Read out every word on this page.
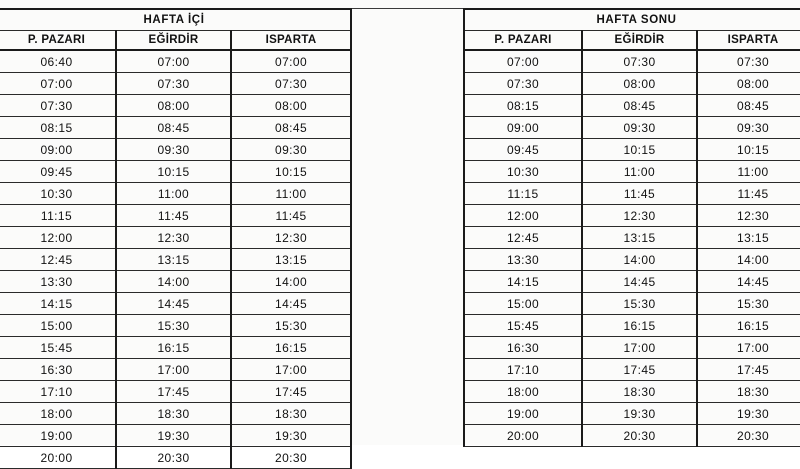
HAFTA İÇİ		
P. PAZARI	EĞİRDİR	ISPARTA
06:40	07:00	07:00
07:00	07:30	07:30
07:30	08:00	08:00
08:15	08:45	08:45
09:00	09:30	09:30
09:45	10:15	10:15
10:30	11:00	11:00
11:15	11:45	11:45
12:00	12:30	12:30
12:45	13:15	13:15
13:30	14:00	14:00
14:15	14:45	14:45
15:00	15:30	15:30
15:45	16:15	16:15
16:30	17:00	17:00
17:10	17:45	17:45
18:00	18:30	18:30
19:00	19:30	19:30
20:00	20:30	20:30
HAFTA SONU		
P. PAZARI	EĞİRDİR	ISPARTA
07:00	07:30	07:30
07:30	08:00	08:00
08:15	08:45	08:45
09:00	09:30	09:30
09:45	10:15	10:15
10:30	11:00	11:00
11:15	11:45	11:45
12:00	12:30	12:30
12:45	13:15	13:15
13:30	14:00	14:00
14:15	14:45	14:45
15:00	15:30	15:30
15:45	16:15	16:15
16:30	17:00	17:00
17:10	17:45	17:45
18:00	18:30	18:30
19:00	19:30	19:30
20:00	20:30	20:30
